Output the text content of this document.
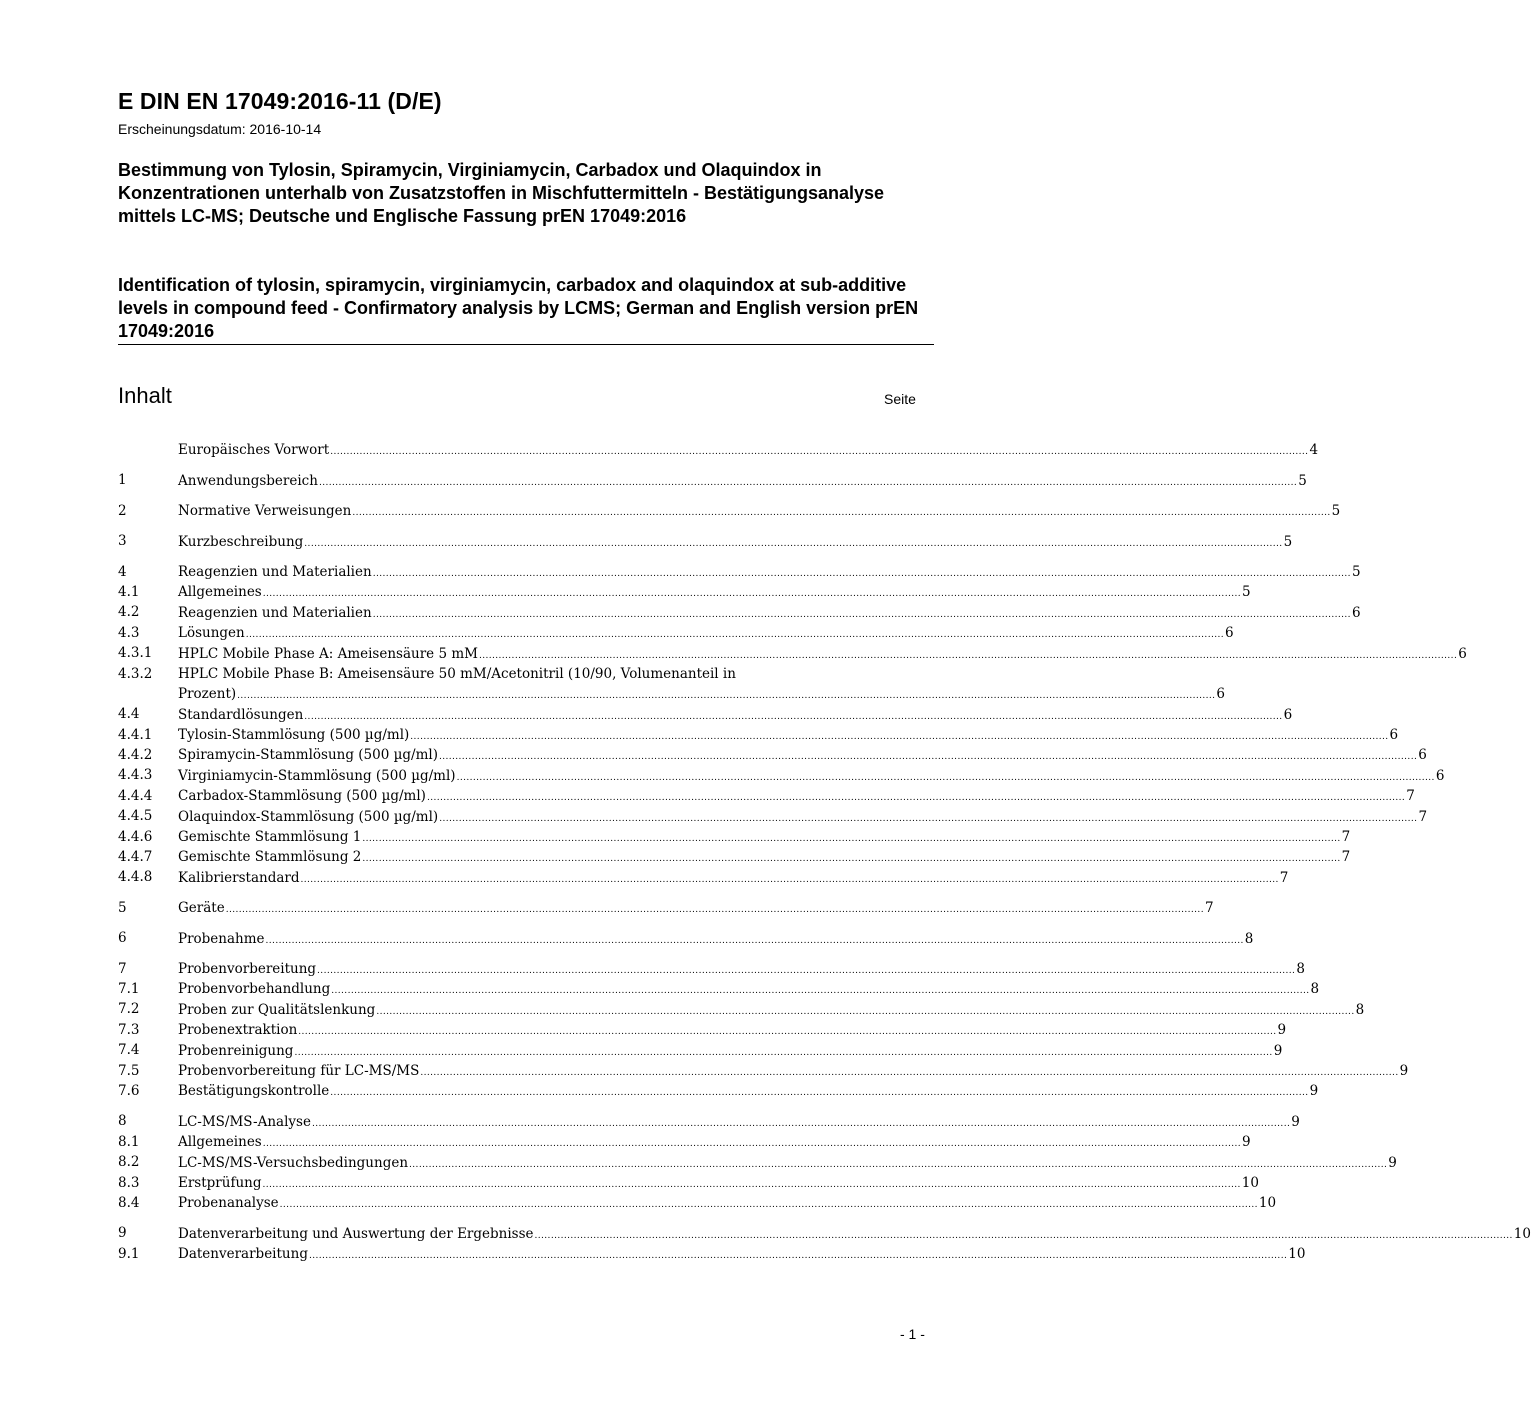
E DIN EN 17049:2016-11 (D/E)
Erscheinungsdatum: 2016-10-14
Bestimmung von Tylosin, Spiramycin, Virginiamycin, Carbadox und Olaquindox in Konzentrationen unterhalb von Zusatzstoffen in Mischfuttermitteln - Bestätigungsanalyse mittels LC-MS; Deutsche und Englische Fassung prEN 17049:2016
Identification of tylosin, spiramycin, virginiamycin, carbadox and olaquindox at sub-additive levels in compound feed - Confirmatory analysis by LCMS; German and English version prEN 17049:2016
Inhalt	Seite
Europäisches Vorwort ............................................................................................................................................................................................................................................................................................................ 4
1	Anwendungsbereich ............................................................................................................................................................................................................................................................................................................ 5
2	Normative Verweisungen ............................................................................................................................................................................................................................................................................................................ 5
3	Kurzbeschreibung ............................................................................................................................................................................................................................................................................................................ 5
4	Reagenzien und Materialien ............................................................................................................................................................................................................................................................................................................ 5
4.1	Allgemeines ............................................................................................................................................................................................................................................................................................................ 5
4.2	Reagenzien und Materialien ............................................................................................................................................................................................................................................................................................................ 6
4.3	Lösungen ............................................................................................................................................................................................................................................................................................................ 6
4.3.1	HPLC Mobile Phase A: Ameisensäure 5 mM ............................................................................................................................................................................................................................................................................................................ 6
4.3.2	HPLC Mobile Phase B: Ameisensäure 50 mM/Acetonitril (10/90, Volumenanteil in
Prozent) ............................................................................................................................................................................................................................................................................................................ 6
4.4	Standardlösungen ............................................................................................................................................................................................................................................................................................................ 6
4.4.1	Tylosin-Stammlösung (500 µg/ml) ............................................................................................................................................................................................................................................................................................................ 6
4.4.2	Spiramycin-Stammlösung (500 µg/ml) ............................................................................................................................................................................................................................................................................................................ 6
4.4.3	Virginiamycin-Stammlösung (500 µg/ml) ............................................................................................................................................................................................................................................................................................................ 6
4.4.4	Carbadox-Stammlösung (500 µg/ml) ............................................................................................................................................................................................................................................................................................................ 7
4.4.5	Olaquindox-Stammlösung (500 µg/ml) ............................................................................................................................................................................................................................................................................................................ 7
4.4.6	Gemischte Stammlösung 1 ............................................................................................................................................................................................................................................................................................................ 7
4.4.7	Gemischte Stammlösung 2 ............................................................................................................................................................................................................................................................................................................ 7
4.4.8	Kalibrierstandard ............................................................................................................................................................................................................................................................................................................ 7
5	Geräte ............................................................................................................................................................................................................................................................................................................ 7
6	Probenahme ............................................................................................................................................................................................................................................................................................................ 8
7	Probenvorbereitung ............................................................................................................................................................................................................................................................................................................ 8
7.1	Probenvorbehandlung ............................................................................................................................................................................................................................................................................................................ 8
7.2	Proben zur Qualitätslenkung ............................................................................................................................................................................................................................................................................................................ 8
7.3	Probenextraktion ............................................................................................................................................................................................................................................................................................................ 9
7.4	Probenreinigung ............................................................................................................................................................................................................................................................................................................ 9
7.5	Probenvorbereitung für LC-MS/MS ............................................................................................................................................................................................................................................................................................................ 9
7.6	Bestätigungskontrolle ............................................................................................................................................................................................................................................................................................................ 9
8	LC-MS/MS-Analyse ............................................................................................................................................................................................................................................................................................................ 9
8.1	Allgemeines ............................................................................................................................................................................................................................................................................................................ 9
8.2	LC-MS/MS-Versuchsbedingungen ............................................................................................................................................................................................................................................................................................................ 9
8.3	Erstprüfung ............................................................................................................................................................................................................................................................................................................ 10
8.4	Probenanalyse ............................................................................................................................................................................................................................................................................................................ 10
9	Datenverarbeitung und Auswertung der Ergebnisse ............................................................................................................................................................................................................................................................................................................ 10
9.1	Datenverarbeitung ............................................................................................................................................................................................................................................................................................................ 10
- 1 -
